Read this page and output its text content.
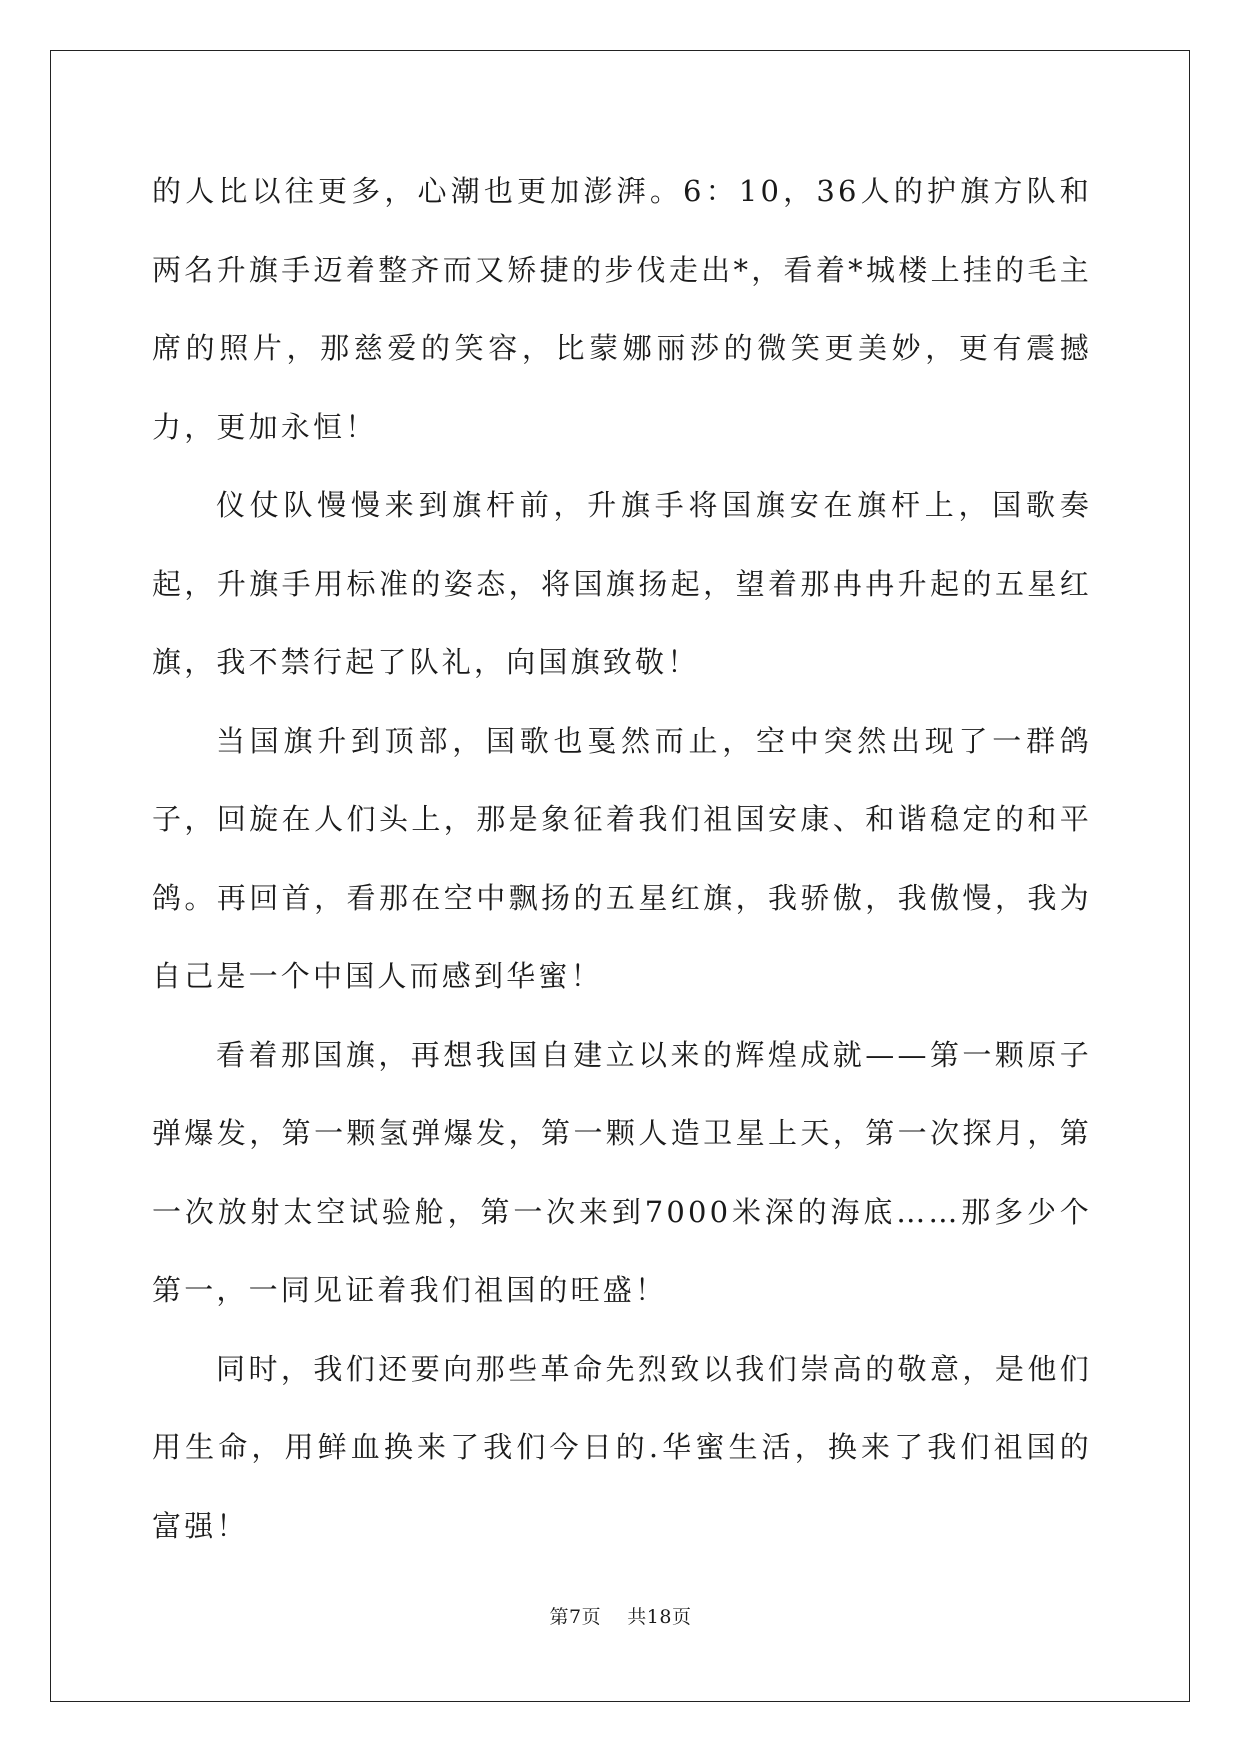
的人比以往更多，心潮也更加澎湃。6：10，36人的护旗方队和两名升旗手迈着整齐而又矫捷的步伐走出*，看着*城楼上挂的毛主席的照片，那慈爱的笑容，比蒙娜丽莎的微笑更美妙，更有震撼力，更加永恒！

仪仗队慢慢来到旗杆前，升旗手将国旗安在旗杆上，国歌奏起，升旗手用标准的姿态，将国旗扬起，望着那冉冉升起的五星红旗，我不禁行起了队礼，向国旗致敬！

当国旗升到顶部，国歌也戛然而止，空中突然出现了一群鸽子，回旋在人们头上，那是象征着我们祖国安康、和谐稳定的和平鸽。再回首，看那在空中飘扬的五星红旗，我骄傲，我傲慢，我为自己是一个中国人而感到华蜜！

看着那国旗，再想我国自建立以来的辉煌成就——第一颗原子弹爆发，第一颗氢弹爆发，第一颗人造卫星上天，第一次探月，第一次放射太空试验舱，第一次来到7000米深的海底……那多少个第一，一同见证着我们祖国的旺盛！

同时，我们还要向那些革命先烈致以我们崇高的敬意，是他们用生命，用鲜血换来了我们今日的.华蜜生活，换来了我们祖国的富强！

第7页 共18页
